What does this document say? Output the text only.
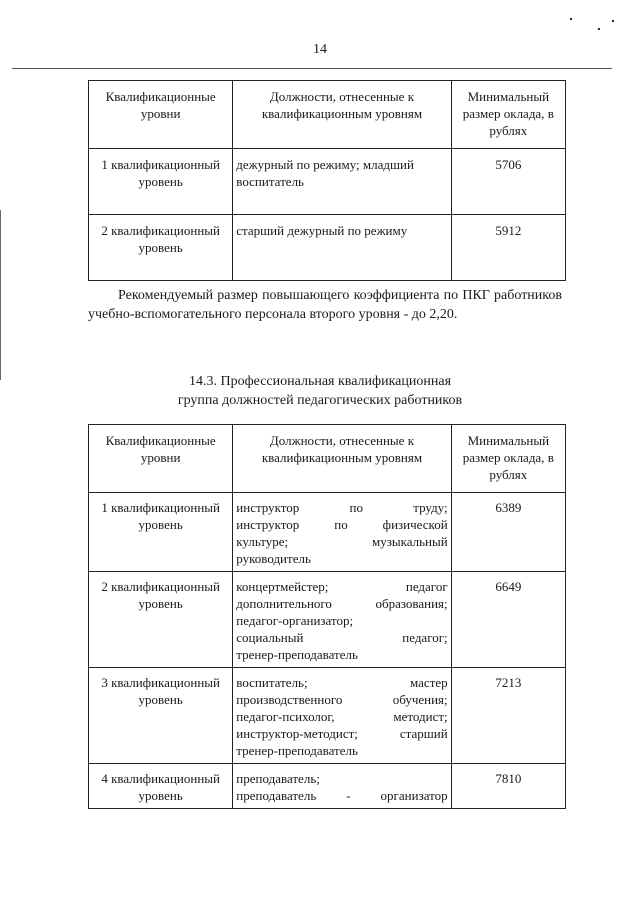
14
Квалификационные уровни	Должности, отнесенные к квалификационным уровням	Минимальный размер оклада, в рублях
1 квалификационный уровень	дежурный по режиму; младший воспитатель	5706
2 квалификационный уровень	старший дежурный по режиму	5912

Рекомендуемый размер повышающего коэффициента по ПКГ работников учебно-вспомогательного персонала второго уровня - до 2,20.

14.3. Профессиональная квалификационная
группа должностей педагогических работников
Квалификационные уровни	Должности, отнесенные к квалификационным уровням	Минимальный размер оклада, в рублях
1 квалификационный уровень	инструктор по труду;
инструктор по физической
культуре; музыкальный
руководитель	6389
2 квалификационный уровень	концертмейстер; педагог
дополнительного образования;
педагог-организатор;
социальный педагог;
тренер-преподаватель	6649
3 квалификационный уровень	воспитатель; мастер
производственного обучения;
педагог-психолог, методист;
инструктор-методист; старший
тренер-преподаватель	7213
4 квалификационный уровень	преподаватель;
преподаватель - организатор	7810
